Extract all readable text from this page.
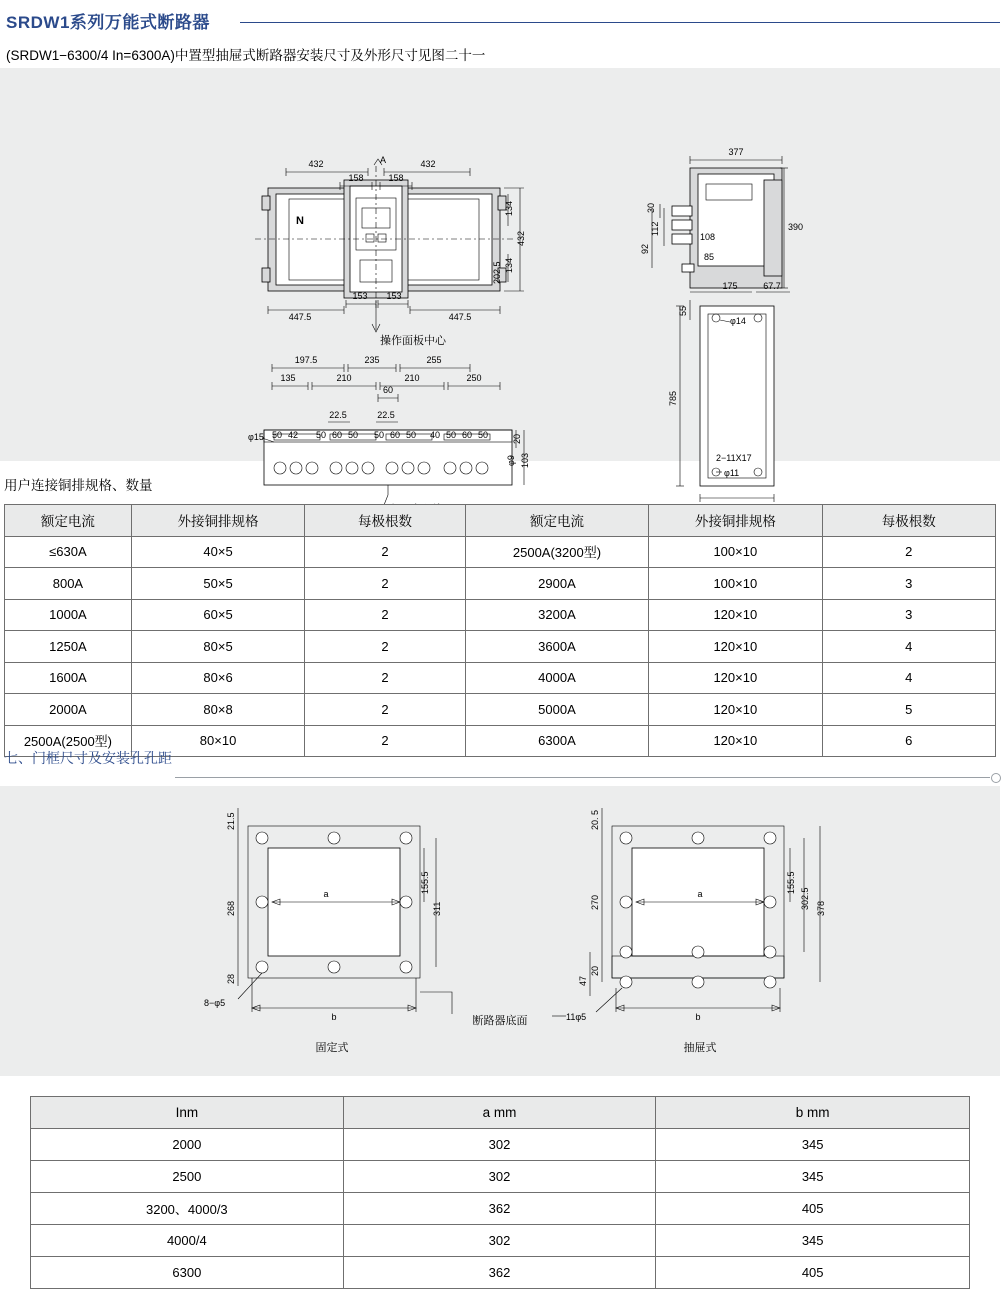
SRDW1系列万能式断路器
(SRDW1−6300/4 In=6300A)中置型抽屉式断路器安装尺寸及外形尺寸见图二十一
N
432	432
158	158
A
134
432
134
202.5
447.5
153 153
447.5
操作面板中心
197.5	235	255
135	210	210	250
60
22.5	22.5
50 42 50 60 50 50 60 50 40 50 60 50
φ15	20
103
φ9
377
30
112
92
390
108
85
175	67.7
55
φ14
785
2−11X17
φ11
用户连接铜排规格、数量
额定电流	外接铜排规格	每极根数	额定电流	外接铜排规格	每极根数
≤630A	40×5	2	2500A(3200型)	100×10	2
800A	50×5	2	2900A	100×10	3
1000A	60×5	2	3200A	120×10	3
1250A	80×5	2	3600A	120×10	4
1600A	80×6	2	4000A	120×10	4
2000A	80×8	2	5000A	120×10	5
2500A(2500型)	80×10	2	6300A	120×10	6
七、门框尺寸及安装孔孔距
a
b
21.5
268
28
155.5
311
8−φ5
固定式
断路器底面
a
b
20. 5
270
47
20
155.5
302.5 378
11φ5
抽屉式
Inm	a mm	b mm
2000	302	345
2500	302	345
3200、4000/3	362	405
4000/4	302	345
6300	362	405
